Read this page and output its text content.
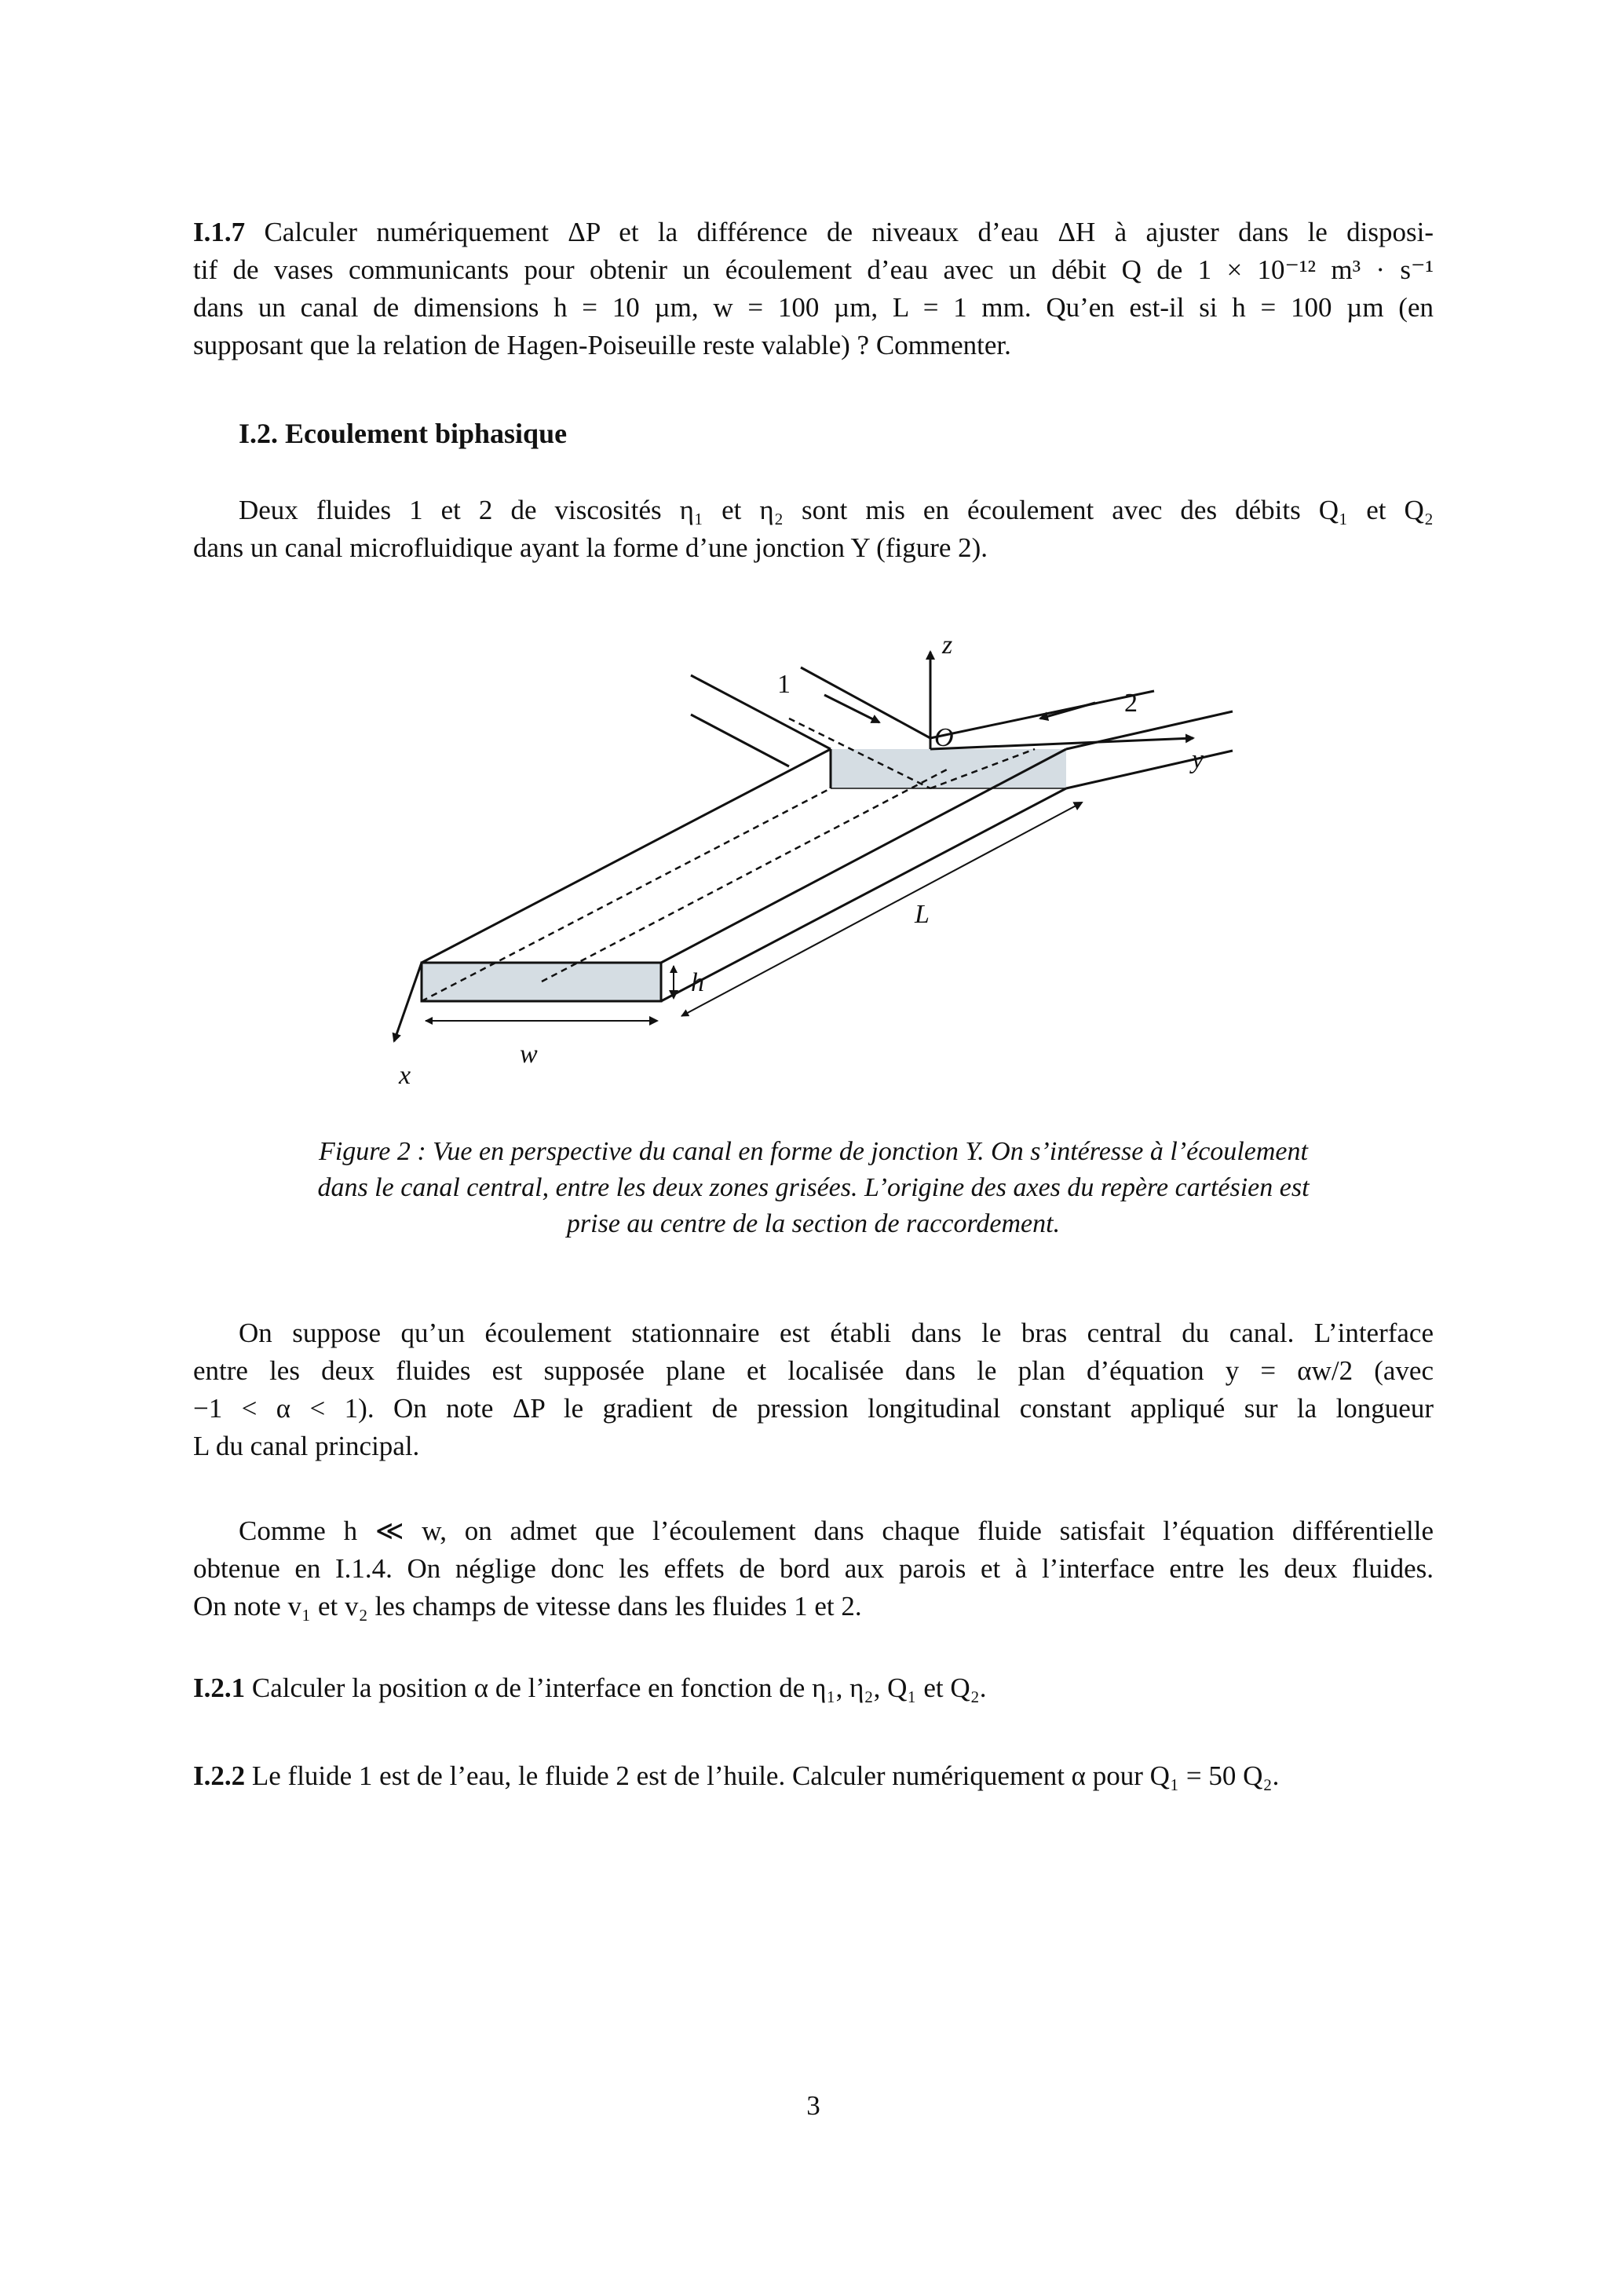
I.1.7 Calculer numériquement ΔP et la différence de niveaux d’eau ΔH à ajuster dans le disposi-
tif de vases communicants pour obtenir un écoulement d’eau avec un débit Q de 1 × 10⁻¹² m³ · s⁻¹
dans un canal de dimensions h = 10 µm, w = 100 µm, L = 1 mm. Qu’en est-il si h = 100 µm (en
supposant que la relation de Hagen-Poiseuille reste valable) ? Commenter.
I.2. Ecoulement biphasique
Deux fluides 1 et 2 de viscosités η₁ et η₂ sont mis en écoulement avec des débits Q₁ et Q₂
dans un canal microfluidique ayant la forme d’une jonction Y (figure 2).
Figure 2 : Vue en perspective du canal en forme de jonction Y. On s’intéresse à l’écoulement
dans le canal central, entre les deux zones grisées. L’origine des axes du repère cartésien est
prise au centre de la section de raccordement.
On suppose qu’un écoulement stationnaire est établi dans le bras central du canal. L’interface
entre les deux fluides est supposée plane et localisée dans le plan d’équation y = αw/2 (avec
−1 < α < 1). On note ΔP le gradient de pression longitudinal constant appliqué sur la longueur
L du canal principal.
Comme h ≪ w, on admet que l’écoulement dans chaque fluide satisfait l’équation différentielle
obtenue en I.1.4. On néglige donc les effets de bord aux parois et à l’interface entre les deux fluides.
On note v₁ et v₂ les champs de vitesse dans les fluides 1 et 2.
I.2.1 Calculer la position α de l’interface en fonction de η₁, η₂, Q₁ et Q₂.
I.2.2 Le fluide 1 est de l’eau, le fluide 2 est de l’huile. Calculer numériquement α pour Q₁ = 50 Q₂.
3
z
y
x
O
L
h
w
1
2
